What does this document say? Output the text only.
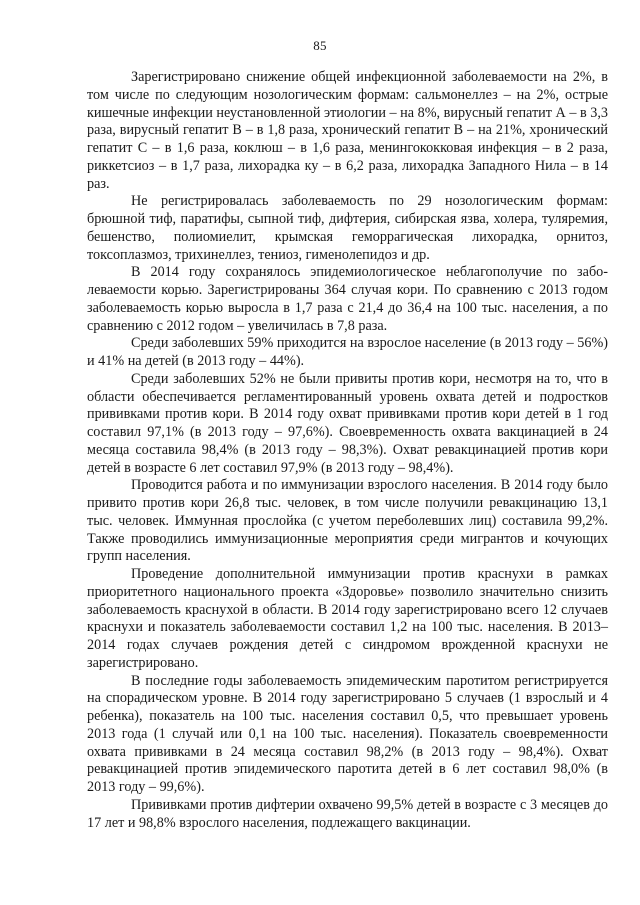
85

Зарегистрировано снижение общей инфекционной заболеваемости на 2%, в том числе по следующим нозологическим формам: сальмонеллез – на 2%, острые кишечные инфекции неустановленной этиологии – на 8%, вирусный гепатит А – в 3,3 раза, вирусный гепатит В – в 1,8 раза, хронический гепатит В – на 21%, хронический гепатит С – в 1,6 раза, коклюш – в 1,6 раза, менингококковая инфекция – в 2 раза, риккетсиоз – в 1,7 раза, лихорадка ку – в 6,2 раза, лихорадка Западного Нила – в 14 раз.

Не регистрировалась заболеваемость по 29 нозологическим формам: брюшной тиф, паратифы, сыпной тиф, дифтерия, сибирская язва, холера, туляремия, бешенство, полиомиелит, крымская геморрагическая лихорадка, орнитоз, токсоплазмоз, трихинеллез, тениоз, гименолепидоз и др.

В 2014 году сохранялось эпидемиологическое неблагополучие по заболеваемости корью. Зарегистрированы 364 случая кори. По сравнению с 2013 годом заболеваемость корью выросла в 1,7 раза с 21,4 до 36,4 на 100 тыс. населения, а по сравнению с 2012 годом – увеличилась в 7,8 раза.

Среди заболевших 59% приходится на взрослое население (в 2013 году – 56%) и 41% на детей (в 2013 году – 44%).

Среди заболевших 52% не были привиты против кори, несмотря на то, что в области обеспечивается регламентированный уровень охвата детей и подростков прививками против кори. В 2014 году охват прививками против кори детей в 1 год составил 97,1% (в 2013 году – 97,6%). Своевременность охвата вакцинацией в 24 месяца составила 98,4% (в 2013 году – 98,3%). Охват ревакцинацией против кори детей в возрасте 6 лет составил 97,9% (в 2013 году – 98,4%).

Проводится работа и по иммунизации взрослого населения. В 2014 году было привито против кори 26,8 тыс. человек, в том числе получили ревакцинацию 13,1 тыс. человек. Иммунная прослойка (с учетом переболевших лиц) составила 99,2%. Также проводились иммунизационные мероприятия среди мигрантов и кочующих групп населения.

Проведение дополнительной иммунизации против краснухи в рамках приоритетного национального проекта «Здоровье» позволило значительно снизить заболеваемость краснухой в области. В 2014 году зарегистрировано всего 12 случаев краснухи и показатель заболеваемости составил 1,2 на 100 тыс. населения. В 2013–2014 годах случаев рождения детей с синдромом врожденной краснухи не зарегистрировано.

В последние годы заболеваемость эпидемическим паротитом регистрируется на спорадическом уровне. В 2014 году зарегистрировано 5 случаев (1 взрослый и 4 ребенка), показатель на 100 тыс. населения составил 0,5, что превышает уровень 2013 года (1 случай или 0,1 на 100 тыс. населения). Показатель своевременности охвата прививками в 24 месяца составил 98,2% (в 2013 году – 98,4%). Охват ревакцинацией против эпидемического паротита детей в 6 лет составил 98,0% (в 2013 году – 99,6%).

Прививками против дифтерии охвачено 99,5% детей в возрасте с 3 месяцев до 17 лет и 98,8% взрослого населения, подлежащего вакцинации.
